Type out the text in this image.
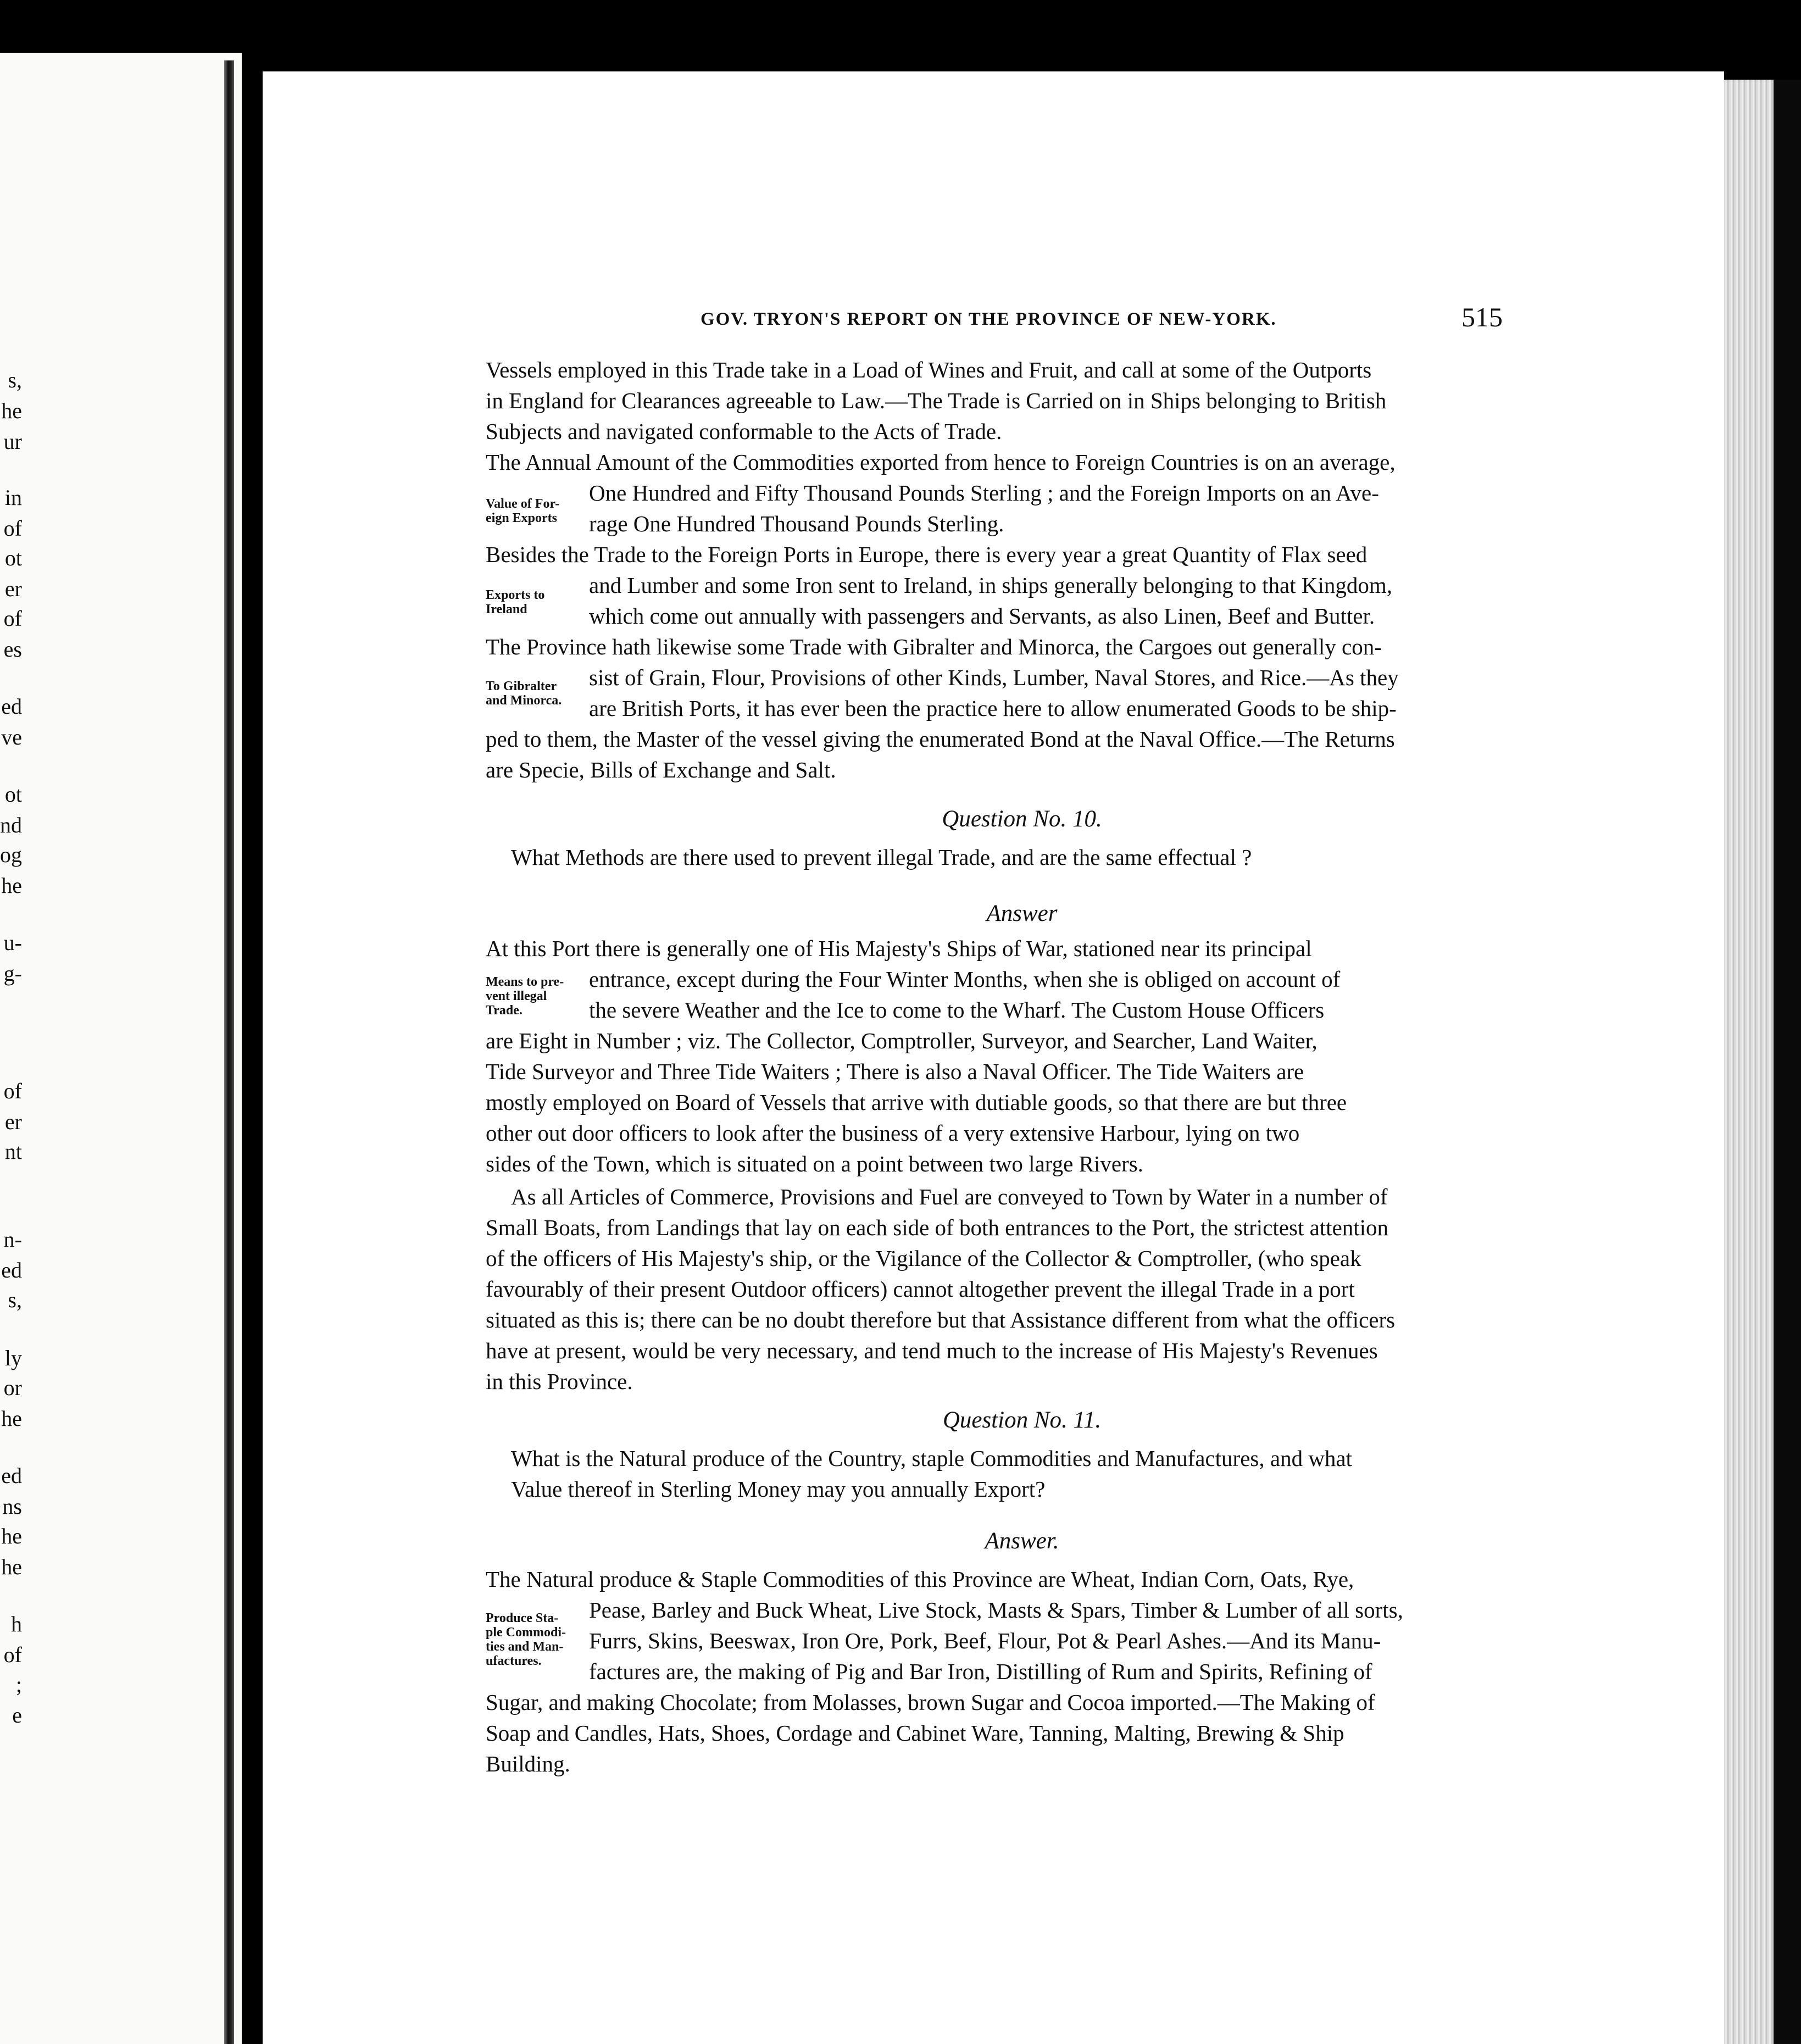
s,
he
ur
in
of
ot
er
of
es
ed
ve
ot
nd
og
he
u-
g-
of
er
nt
n-
ed
s,
ly
or
he
ed
ns
he
he
h
of
;
e
GOV. TRYON'S REPORT ON THE PROVINCE OF NEW-YORK.	515
Vessels employed in this Trade take in a Load of Wines and Fruit, and call at some of the Outports
in England for Clearances agreeable to Law.—The Trade is Carried on in Ships belonging to British
Subjects and navigated conformable to the Acts of Trade.
The Annual Amount of the Commodities exported from hence to Foreign Countries is on an average,
One Hundred and Fifty Thousand Pounds Sterling ; and the Foreign Imports on an Ave-
rage One Hundred Thousand Pounds Sterling.
Value of For-
eign Exports
Besides the Trade to the Foreign Ports in Europe, there is every year a great Quantity of Flax seed
and Lumber and some Iron sent to Ireland, in ships generally belonging to that Kingdom,
which come out annually with passengers and Servants, as also Linen, Beef and Butter.
Exports to
Ireland
The Province hath likewise some Trade with Gibralter and Minorca, the Cargoes out generally con-
sist of Grain, Flour, Provisions of other Kinds, Lumber, Naval Stores, and Rice.—As they
are British Ports, it has ever been the practice here to allow enumerated Goods to be ship-
ped to them, the Master of the vessel giving the enumerated Bond at the Naval Office.—The Returns
are Specie, Bills of Exchange and Salt.
To Gibralter
and Minorca.
Question No. 10.
What Methods are there used to prevent illegal Trade, and are the same effectual ?
Answer
At this Port there is generally one of His Majesty's Ships of War, stationed near its principal
entrance, except during the Four Winter Months, when she is obliged on account of
the severe Weather and the Ice to come to the Wharf. The Custom House Officers
are Eight in Number ; viz. The Collector, Comptroller, Surveyor, and Searcher, Land Waiter,
Tide Surveyor and Three Tide Waiters ; There is also a Naval Officer. The Tide Waiters are
mostly employed on Board of Vessels that arrive with dutiable goods, so that there are but three
other out door officers to look after the business of a very extensive Harbour, lying on two
sides of the Town, which is situated on a point between two large Rivers.
Means to pre-
vent illegal
Trade.
As all Articles of Commerce, Provisions and Fuel are conveyed to Town by Water in a number of
Small Boats, from Landings that lay on each side of both entrances to the Port, the strictest attention
of the officers of His Majesty's ship, or the Vigilance of the Collector & Comptroller, (who speak
favourably of their present Outdoor officers) cannot altogether prevent the illegal Trade in a port
situated as this is; there can be no doubt therefore but that Assistance different from what the officers
have at present, would be very necessary, and tend much to the increase of His Majesty's Revenues
in this Province.
Question No. 11.
What is the Natural produce of the Country, staple Commodities and Manufactures, and what
Value thereof in Sterling Money may you annually Export?
Answer.
The Natural produce & Staple Commodities of this Province are Wheat, Indian Corn, Oats, Rye,
Pease, Barley and Buck Wheat, Live Stock, Masts & Spars, Timber & Lumber of all sorts,
Furrs, Skins, Beeswax, Iron Ore, Pork, Beef, Flour, Pot & Pearl Ashes.—And its Manu-
factures are, the making of Pig and Bar Iron, Distilling of Rum and Spirits, Refining of
Sugar, and making Chocolate; from Molasses, brown Sugar and Cocoa imported.—The Making of
Soap and Candles, Hats, Shoes, Cordage and Cabinet Ware, Tanning, Malting, Brewing & Ship
Building.
Produce Sta-
ple Commodi-
ties and Man-
ufactures.
